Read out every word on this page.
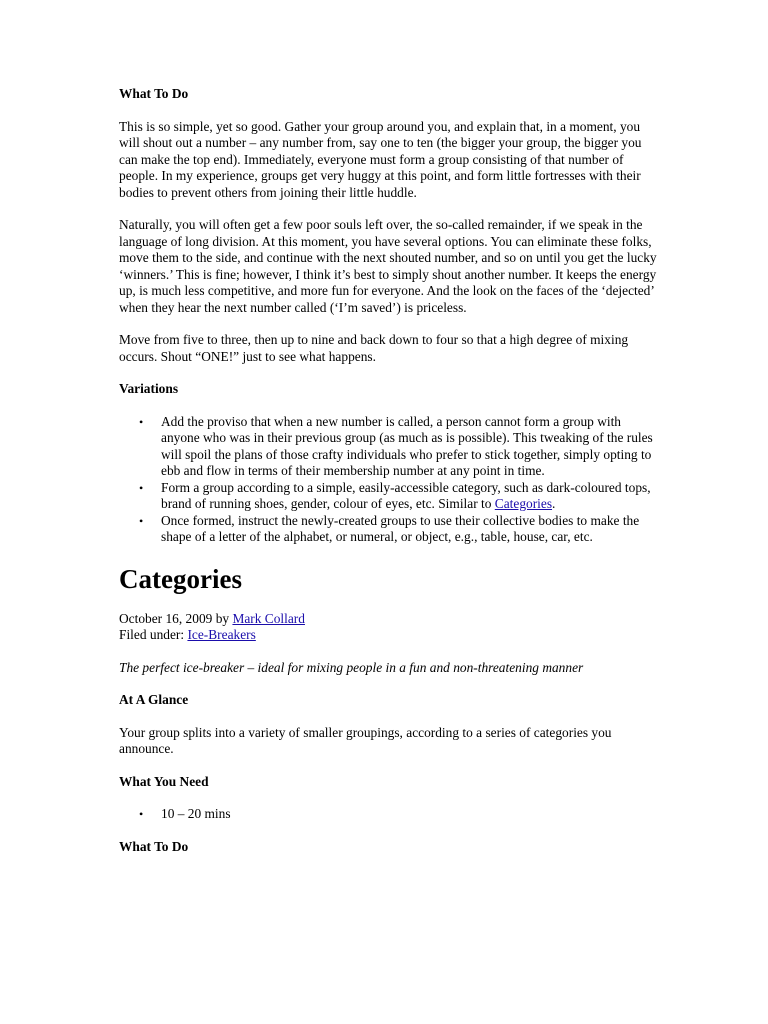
What To Do

This is so simple, yet so good. Gather your group around you, and explain that, in a moment, you will shout out a number – any number from, say one to ten (the bigger your group, the bigger you can make the top end). Immediately, everyone must form a group consisting of that number of people. In my experience, groups get very huggy at this point, and form little fortresses with their bodies to prevent others from joining their little huddle.

Naturally, you will often get a few poor souls left over, the so-called remainder, if we speak in the language of long division. At this moment, you have several options. You can eliminate these folks, move them to the side, and continue with the next shouted number, and so on until you get the lucky ‘winners.’ This is fine; however, I think it’s best to simply shout another number. It keeps the energy up, is much less competitive, and more fun for everyone. And the look on the faces of the ‘dejected’ when they hear the next number called (‘I’m saved’) is priceless.

Move from five to three, then up to nine and back down to four so that a high degree of mixing occurs. Shout “ONE!” just to see what happens.

Variations

• Add the proviso that when a new number is called, a person cannot form a group with anyone who was in their previous group (as much as is possible). This tweaking of the rules will spoil the plans of those crafty individuals who prefer to stick together, simply opting to ebb and flow in terms of their membership number at any point in time.
• Form a group according to a simple, easily-accessible category, such as dark-coloured tops, brand of running shoes, gender, colour of eyes, etc. Similar to Categories.
• Once formed, instruct the newly-created groups to use their collective bodies to make the shape of a letter of the alphabet, or numeral, or object, e.g., table, house, car, etc.

Categories

October 16, 2009 by Mark Collard
Filed under: Ice-Breakers

The perfect ice-breaker – ideal for mixing people in a fun and non-threatening manner

At A Glance

Your group splits into a variety of smaller groupings, according to a series of categories you announce.

What You Need

• 10 – 20 mins

What To Do
